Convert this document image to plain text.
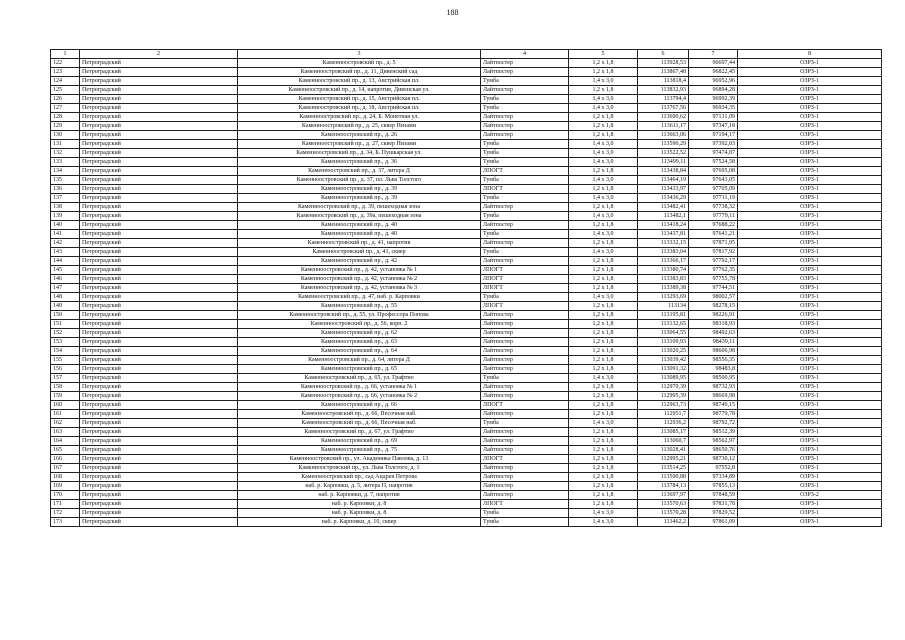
188
1	2	3	4	5	6	7	8
122	Петроградский	Каменноостровский пр., д. 5	Лайтпостер	1,2 x 1,8	113928,53	96697,44	ОЗРЗ-1
123	Петроградский	Каменноостровский пр., д. 11, Дивенский сад	Лайтпостер	1,2 x 1,8	113867,48	96822,45	ОЗРЗ-1
124	Петроградский	Каменноостровский пр., д. 13, Австрийская пл.	Тумба	1,4 x 3,0	113818,4	96952,96	ОЗРЗ-1
125	Петроградский	Каменноостровский пр., д. 14, напротив, Дивенская ул.	Лайтпостер	1,2 x 1,8	113832,93	96894,28	ОЗРЗ-1
126	Петроградский	Каменноостровский пр., д. 15, Австрийская пл.	Тумба	1,4 x 3,0	113794,4	96992,39	ОЗРЗ-1
127	Петроградский	Каменноостровский пр., д. 18, Австрийская пл.	Тумба	1,4 x 3,0	113767,56	96934,35	ОЗРЗ-1
128	Петроградский	Каменноостровский пр., д. 24, Б. Монетная ул.	Лайтпостер	1,2 x 1,8	113690,62	97131,09	ОЗРЗ-1
129	Петроградский	Каменноостровский пр., д. 25, сквер Низами	Лайтпостер	1,2 x 1,8	113611,17	97347,18	ОЗРЗ-1
130	Петроградский	Каменноостровский пр., д. 26	Лайтпостер	1,2 x 1,8	113663,06	97194,17	ОЗРЗ-1
131	Петроградский	Каменноостровский пр., д. 27, сквер Низами	Тумба	1,4 x 3,0	113590,29	97392,03	ОЗРЗ-1
132	Петроградский	Каменноостровский пр., д. 34, Б. Пушкарская ул.	Тумба	1,4 x 3,0	113522,52	97474,87	ОЗРЗ-1
133	Петроградский	Каменноостровский пр., д. 36	Тумба	1,4 x 3,0	113499,11	97524,58	ОЗРЗ-1
134	Петроградский	Каменноостровский пр., д. 37, литера Д	ЛПОГТ	1,2 x 1,8	113438,84	97695,08	ОЗРЗ-1
135	Петроградский	Каменноостровский пр., д. 37, пл. Льва Толстого	Тумба	1,4 x 3,0	113464,19	97643,05	ОЗРЗ-1
136	Петроградский	Каменноостровский пр., д. 39	ЛПОГТ	1,2 x 1,8	113433,97	97705,09	ОЗРЗ-1
137	Петроградский	Каменноостровский пр., д. 39	Тумба	1,4 x 3,0	113436,29	97711,19	ОЗРЗ-1
138	Петроградский	Каменноостровский пр., д. 39, пешеходная зона	Лайтпостер	1,2 x 1,8	113482,41	97738,32	ОЗРЗ-1
139	Петроградский	Каменноостровский пр., д. 39а, пешеходная зона	Тумба	1,4 x 3,0	113482,1	97779,11	ОЗРЗ-1
140	Петроградский	Каменноостровский пр., д. 40	Лайтпостер	1,2 x 1,8	113418,24	97688,22	ОЗРЗ-1
141	Петроградский	Каменноостровский пр., д. 40	Тумба	1,4 x 3,0	113437,81	97641,21	ОЗРЗ-1
142	Петроградский	Каменноостровский пр., д. 41, напротив	Лайтпостер	1,2 x 1,8	113332,15	97871,95	ОЗРЗ-1
143	Петроградский	Каменноостровский пр., д. 41, сквер	Тумба	1,4 x 3,0	113383,04	97817,92	ОЗРЗ-1
144	Петроградский	Каменноостровский пр., д. 42	Лайтпостер	1,2 x 1,8	113366,17	97792,17	ОЗРЗ-1
145	Петроградский	Каменноостровский пр., д. 42, установка № 1	ЛПОГТ	1,2 x 1,8	113380,74	97762,35	ОЗРЗ-1
146	Петроградский	Каменноостровский пр., д. 42, установка № 2	ЛПОГТ	1,2 x 1,8	113383,83	97755,78	ОЗРЗ-1
147	Петроградский	Каменноостровский пр., д. 42, установка № 3	ЛПОГТ	1,2 x 1,8	113389,38	97744,51	ОЗРЗ-1
148	Петроградский	Каменноостровский пр., д. 47, наб. р. Карповки	Тумба	1,4 x 3,0	113293,69	98002,57	ОЗРЗ-1
149	Петроградский	Каменноостровский пр., д. 55	ЛПОГТ	1,2 x 1,8	113134	98278,15	ОЗРЗ-1
150	Петроградский	Каменноостровский пр., д. 55, ул. Профессора Попова	Лайтпостер	1,2 x 1,8	113195,81	98226,91	ОЗРЗ-1
151	Петроградский	Каменноостровский пр., д. 56, корп. 2	Лайтпостер	1,2 x 1,8	113132,65	98318,93	ОЗРЗ-1
152	Петроградский	Каменноостровский пр., д. 62	Лайтпостер	1,2 x 1,8	113064,55	98492,63	ОЗРЗ-1
153	Петроградский	Каменноостровский пр., д. 63	Лайтпостер	1,2 x 1,8	113109,93	98439,11	ОЗРЗ-1
154	Петроградский	Каменноостровский пр., д. 64	Лайтпостер	1,2 x 1,8	113020,25	98606,98	ОЗРЗ-1
155	Петроградский	Каменноостровский пр., д. 64, литера Д	Лайтпостер	1,2 x 1,8	113039,42	98556,35	ОЗРЗ-1
156	Петроградский	Каменноостровский пр., д. 65	Лайтпостер	1,2 x 1,8	113091,32	98483,8	ОЗРЗ-1
157	Петроградский	Каменноостровский пр., д. 65, ул. Графтио	Тумба	1,4 x 3,0	113089,95	98500,95	ОЗРЗ-1
158	Петроградский	Каменноостровский пр., д. 66, установка № 1	Лайтпостер	1,2 x 1,8	112970,39	98732,93	ОЗРЗ-1
159	Петроградский	Каменноостровский пр., д. 66, установка № 2	Лайтпостер	1,2 x 1,8	112995,39	98669,98	ОЗРЗ-1
160	Петроградский	Каменноостровский пр., д. 66	ЛПОГТ	1,2 x 1,8	112963,73	98749,15	ОЗРЗ-1
161	Петроградский	Каменноостровский пр., д. 66, Песочная наб.	Лайтпостер	1,2 x 1,8	112951,7	98779,78	ОЗРЗ-1
162	Петроградский	Каменноостровский пр., д. 66, Песочная наб.	Тумба	1,4 x 3,0	112936,2	98792,72	ОЗРЗ-1
163	Петроградский	Каменноостровский пр., д. 67, ул. Графтио	Лайтпостер	1,2 x 1,8	113085,17	98512,39	ОЗРЗ-1
164	Петроградский	Каменноостровский пр., д. 69	Лайтпостер	1,2 x 1,8	113060,7	98562,97	ОЗРЗ-1
165	Петроградский	Каменноостровский пр., д. 75	Лайтпостер	1,2 x 1,8	113028,41	98650,76	ОЗРЗ-1
166	Петроградский	Каменноостровский пр., ул. Академика Павлова, д. 13	ЛПОГТ	1,2 x 1,8	112995,21	98730,12	ОЗРЗ-1
167	Петроградский	Каменноостровский пр., ул. Льва Толстого, д. 1	Лайтпостер	1,2 x 1,8	113514,25	97552,8	ОЗРЗ-1
168	Петроградский	Каменноостровский пр., сад Андрея Петрова	Лайтпостер	1,2 x 1,8	113590,88	97334,89	ОЗРЗ-1
169	Петроградский	наб. р. Карповки, д. 5, литера П, напротив	Лайтпостер	1,2 x 1,8	113784,13	97855,13	ОЗРЗ-1
170	Петроградский	наб. р. Карповки, д. 7, напротив	Лайтпостер	1,2 x 1,8	113697,97	97848,59	ОЗРЗ-2
171	Петроградский	наб. р. Карповки, д. 8	ЛПОГТ	1,2 x 1,8	113570,63	97831,78	ОЗРЗ-1
172	Петроградский	наб. р. Карповки, д. 8	Тумба	1,4 x 3,0	113570,28	97829,52	ОЗРЗ-1
173	Петроградский	наб. р. Карповки, д. 10, сквер	Тумба	1,4 x 3,0	113462,2	97861,09	ОЗРЗ-1
